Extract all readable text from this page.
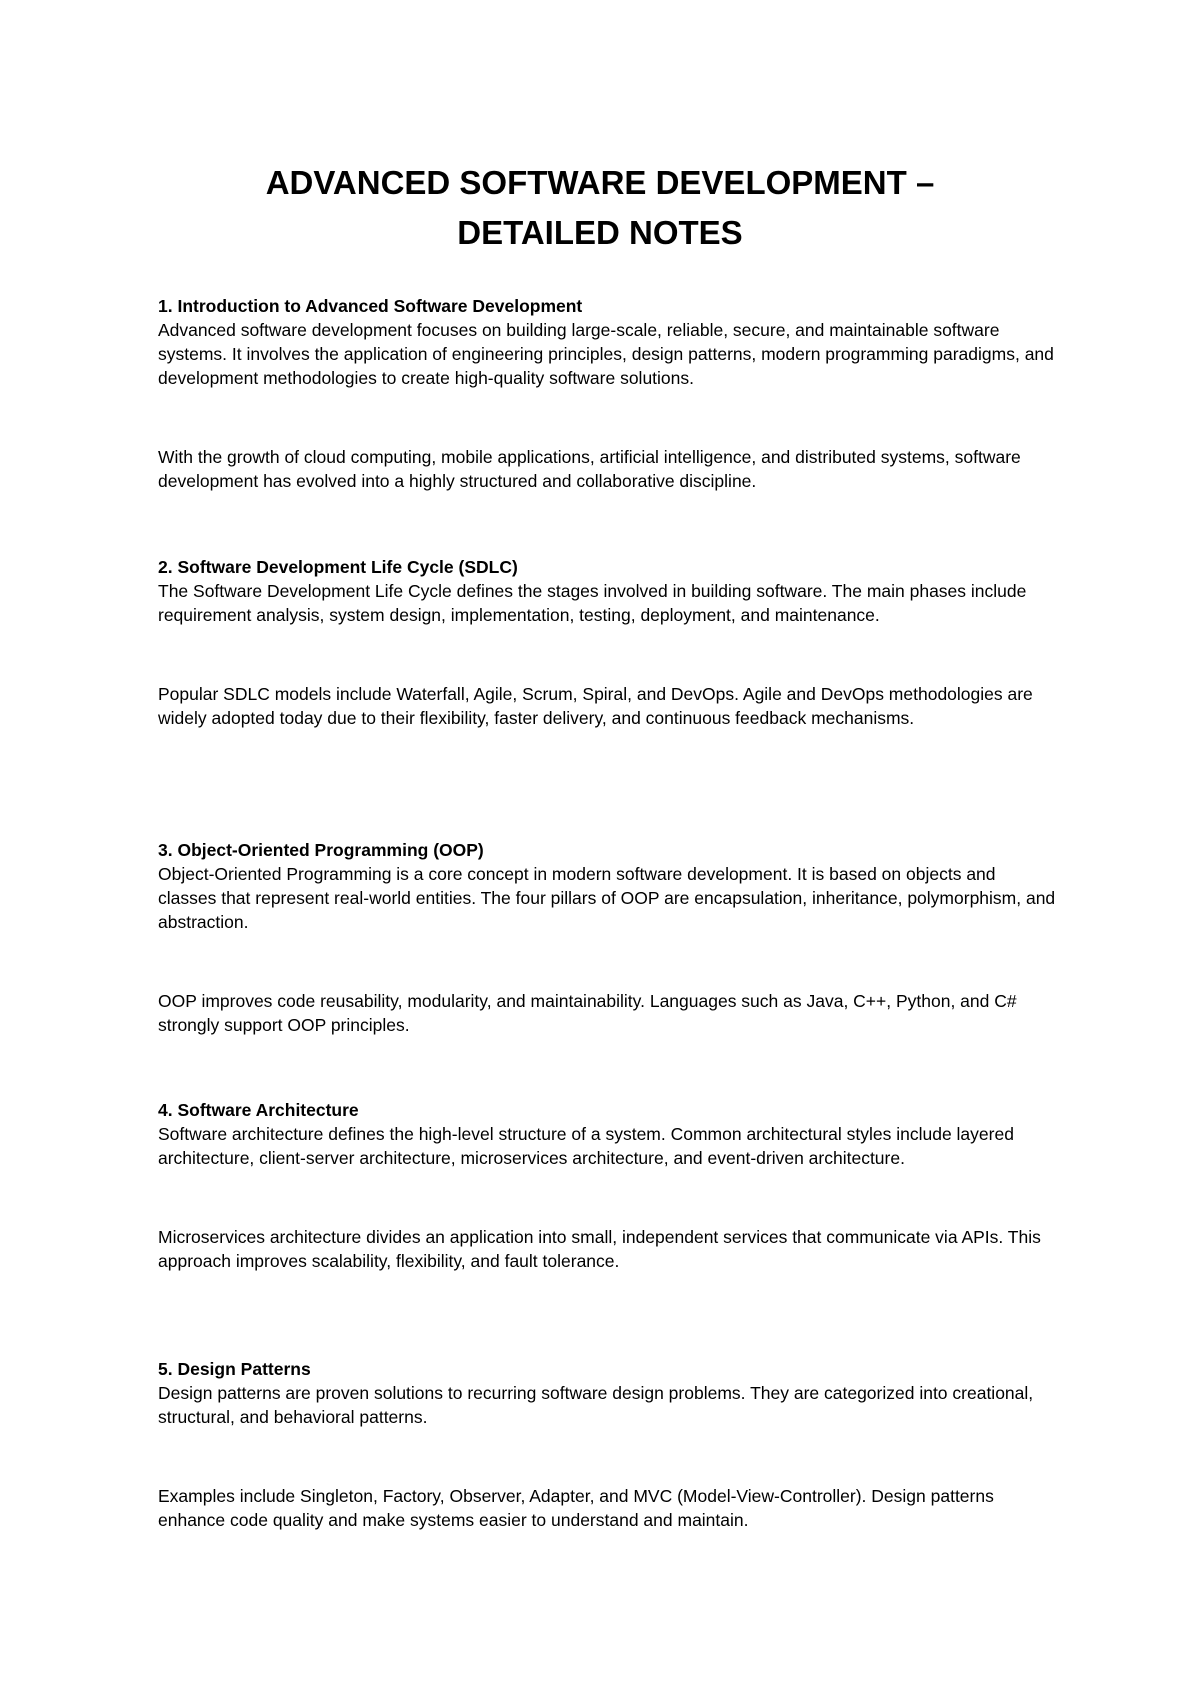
ADVANCED SOFTWARE DEVELOPMENT –
DETAILED NOTES
1. Introduction to Advanced Software Development

Advanced software development focuses on building large-scale, reliable, secure, and maintainable software systems. It involves the application of engineering principles, design patterns, modern programming paradigms, and development methodologies to create high-quality software solutions.

With the growth of cloud computing, mobile applications, artificial intelligence, and distributed systems, software development has evolved into a highly structured and collaborative discipline.

2. Software Development Life Cycle (SDLC)

The Software Development Life Cycle defines the stages involved in building software. The main phases include requirement analysis, system design, implementation, testing, deployment, and maintenance.

Popular SDLC models include Waterfall, Agile, Scrum, Spiral, and DevOps. Agile and DevOps methodologies are widely adopted today due to their flexibility, faster delivery, and continuous feedback mechanisms.

3. Object-Oriented Programming (OOP)

Object-Oriented Programming is a core concept in modern software development. It is based on objects and classes that represent real-world entities. The four pillars of OOP are encapsulation, inheritance, polymorphism, and abstraction.

OOP improves code reusability, modularity, and maintainability. Languages such as Java, C++, Python, and C# strongly support OOP principles.

4. Software Architecture

Software architecture defines the high-level structure of a system. Common architectural styles include layered architecture, client-server architecture, microservices architecture, and event-driven architecture.

Microservices architecture divides an application into small, independent services that communicate via APIs. This approach improves scalability, flexibility, and fault tolerance.

5. Design Patterns

Design patterns are proven solutions to recurring software design problems. They are categorized into creational, structural, and behavioral patterns.

Examples include Singleton, Factory, Observer, Adapter, and MVC (Model-View-Controller). Design patterns enhance code quality and make systems easier to understand and maintain.
